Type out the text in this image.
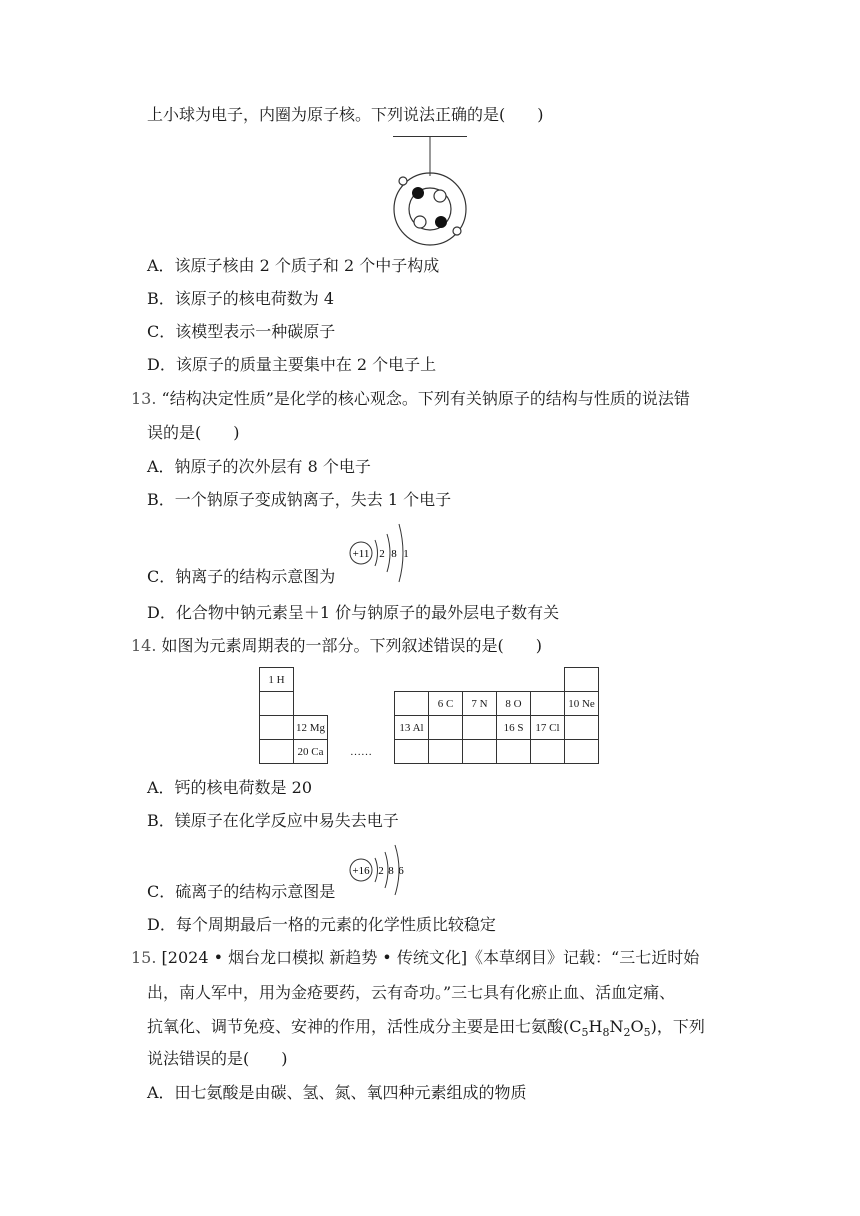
上小球为电子，内圈为原子核。下列说法正确的是(　　)
A．该原子核由 2 个质子和 2 个中子构成
B．该原子的核电荷数为 4
C．该模型表示一种碳原子
D．该原子的质量主要集中在 2 个电子上
13. “结构决定性质”是化学的核心观念。下列有关钠原子的结构与性质的说法错
误的是(　　)
A．钠原子的次外层有 8 个电子
B．一个钠原子变成钠离子，失去 1 个电子
+11 2 8 1
C．钠离子的结构示意图为
D．化合物中钠元素呈＋1 价与钠原子的最外层电子数有关
14. 如图为元素周期表的一部分。下列叙述错误的是(　　)
1 H									
					6 C	7 N	8 O		10 Ne
	12 Mg			13 Al			16 S	17 Cl	
	20 Ca	……							
A．钙的核电荷数是 20
B．镁原子在化学反应中易失去电子
+16 2 8 6
C．硫离子的结构示意图是
D．每个周期最后一格的元素的化学性质比较稳定
15. [2024 • 烟台龙口模拟 新趋势 • 传统文化]《本草纲目》记载：“三七近时始
出，南人军中，用为金疮要药，云有奇功。”三七具有化瘀止血、活血定痛、
抗氧化、调节免疫、安神的作用，活性成分主要是田七氨酸$(C_5H_8N_2O_5)$，下列
说法错误的是(　　)
A．田七氨酸是由碳、氢、氮、氧四种元素组成的物质
